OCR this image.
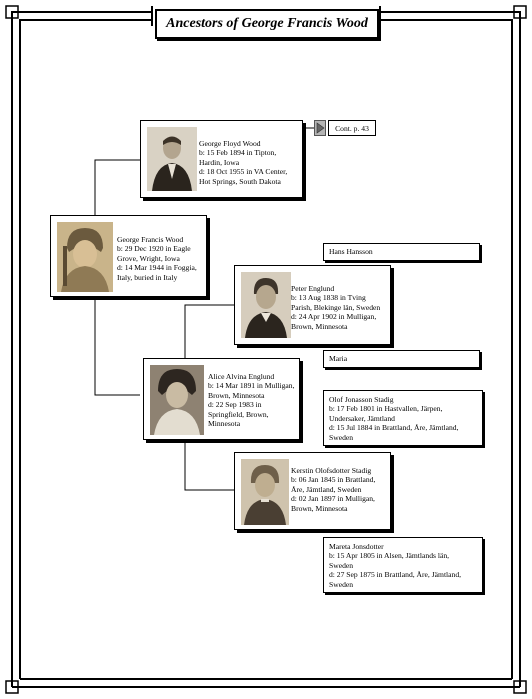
Ancestors of George Francis Wood
Cont. p. 43
George Floyd Wood
b: 15 Feb 1894 in Tipton,
Hardin, Iowa
d: 18 Oct 1955 in VA Center,
Hot Springs, South Dakota
George Francis Wood
b: 29 Dec 1920 in Eagle
Grove, Wright, Iowa
d: 14 Mar 1944 in Foggia,
Italy, buried in Italy
Hans Hansson
Peter Englund
b: 13 Aug 1838 in Tving
Parish, Blekinge län, Sweden
d: 24 Apr 1902 in Mulligan,
Brown, Minnesota
Maria
Alice Alvina Englund
b: 14 Mar 1891 in Mulligan,
Brown, Minnesota
d: 22 Sep 1983 in
Springfield, Brown,
Minnesota
Olof Jonasson Stadig
b: 17 Feb 1801 in Hastvallen, Järpen,
Undersaker, Jämtland
d: 15 Jul 1884 in Brattland, Åre, Jämtland,
Sweden
Kerstin Olofsdotter Stadig
b: 06 Jan 1845 in Brattland,
Åre, Jämtland, Sweden
d: 02 Jan 1897 in Mulligan,
Brown, Minnesota
Mareta Jonsdotter
b: 15 Apr 1805 in Alsen, Jämtlands län,
Sweden
d: 27 Sep 1875 in Brattland, Åre, Jämtland,
Sweden
